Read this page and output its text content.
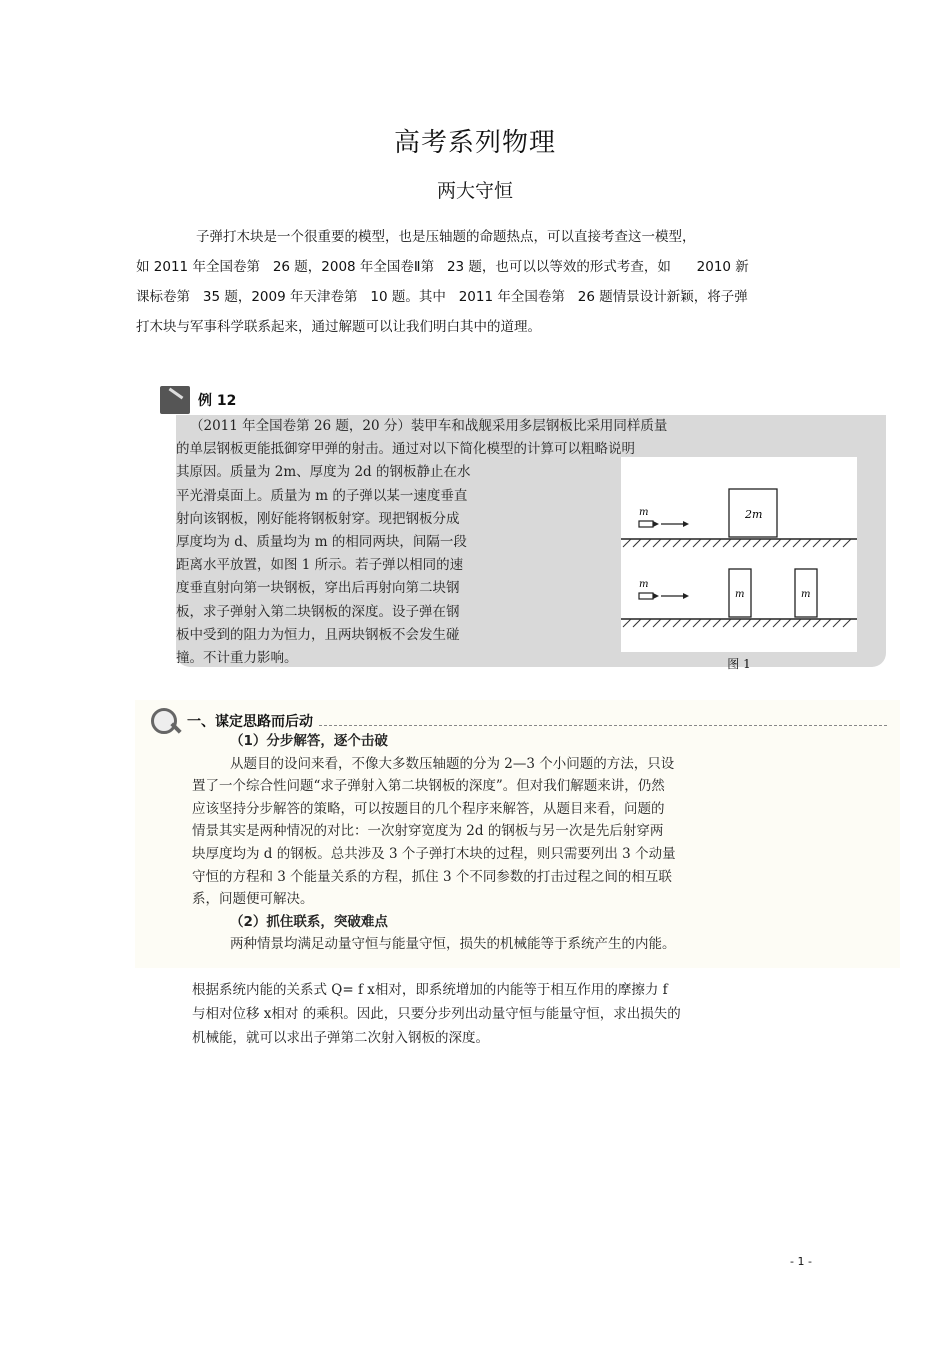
高考系列物理
两大守恒

子弹打木块是一个很重要的模型，也是压轴题的命题热点，可以直接考查这一模型，

如 2011 年全国卷第   26 题，2008 年全国卷Ⅱ第   23 题，也可以以等效的形式考查，如      2010 新

课标卷第   35 题，2009 年天津卷第   10 题。其中   2011 年全国卷第   26 题情景设计新颖，将子弹

打木块与军事科学联系起来，通过解题可以让我们明白其中的道理。

例 12

（2011 年全国卷第 26 题，20 分）装甲车和战舰采用多层钢板比采用同样质量

的单层钢板更能抵御穿甲弹的射击。通过对以下简化模型的计算可以粗略说明

其原因。质量为 2m、厚度为 2d 的钢板静止在水

平光滑桌面上。质量为 m 的子弹以某一速度垂直

射向该钢板，刚好能将钢板射穿。现把钢板分成

厚度均为 d、质量均为 m 的相同两块，间隔一段

距离水平放置，如图 1 所示。若子弹以相同的速

度垂直射向第一块钢板，穿出后再射向第二块钢

板，求子弹射入第二块钢板的深度。设子弹在钢

板中受到的阻力为恒力，且两块钢板不会发生碰

撞。不计重力影响。

m	2m
m
m	m
图 1
一、谋定思路而后动

（1）分步解答，逐个击破

从题目的设问来看，不像大多数压轴题的分为 2—3 个小问题的方法，只设

置了一个综合性问题“求子弹射入第二块钢板的深度”。但对我们解题来讲，仍然

应该坚持分步解答的策略，可以按题目的几个程序来解答，从题目来看，问题的

情景其实是两种情况的对比：一次射穿宽度为 2d 的钢板与另一次是先后射穿两

块厚度均为 d 的钢板。总共涉及 3 个子弹打木块的过程，则只需要列出 3 个动量

守恒的方程和 3 个能量关系的方程，抓住 3 个不同参数的打击过程之间的相互联

系，问题便可解决。

（2）抓住联系，突破难点

两种情景均满足动量守恒与能量守恒，损失的机械能等于系统产生的内能。

根据系统内能的关系式 Q= f x相对，即系统增加的内能等于相互作用的摩擦力 f

与相对位移 x相对 的乘积。因此，只要分步列出动量守恒与能量守恒，求出损失的

机械能，就可以求出子弹第二次射入钢板的深度。

- 1 -
